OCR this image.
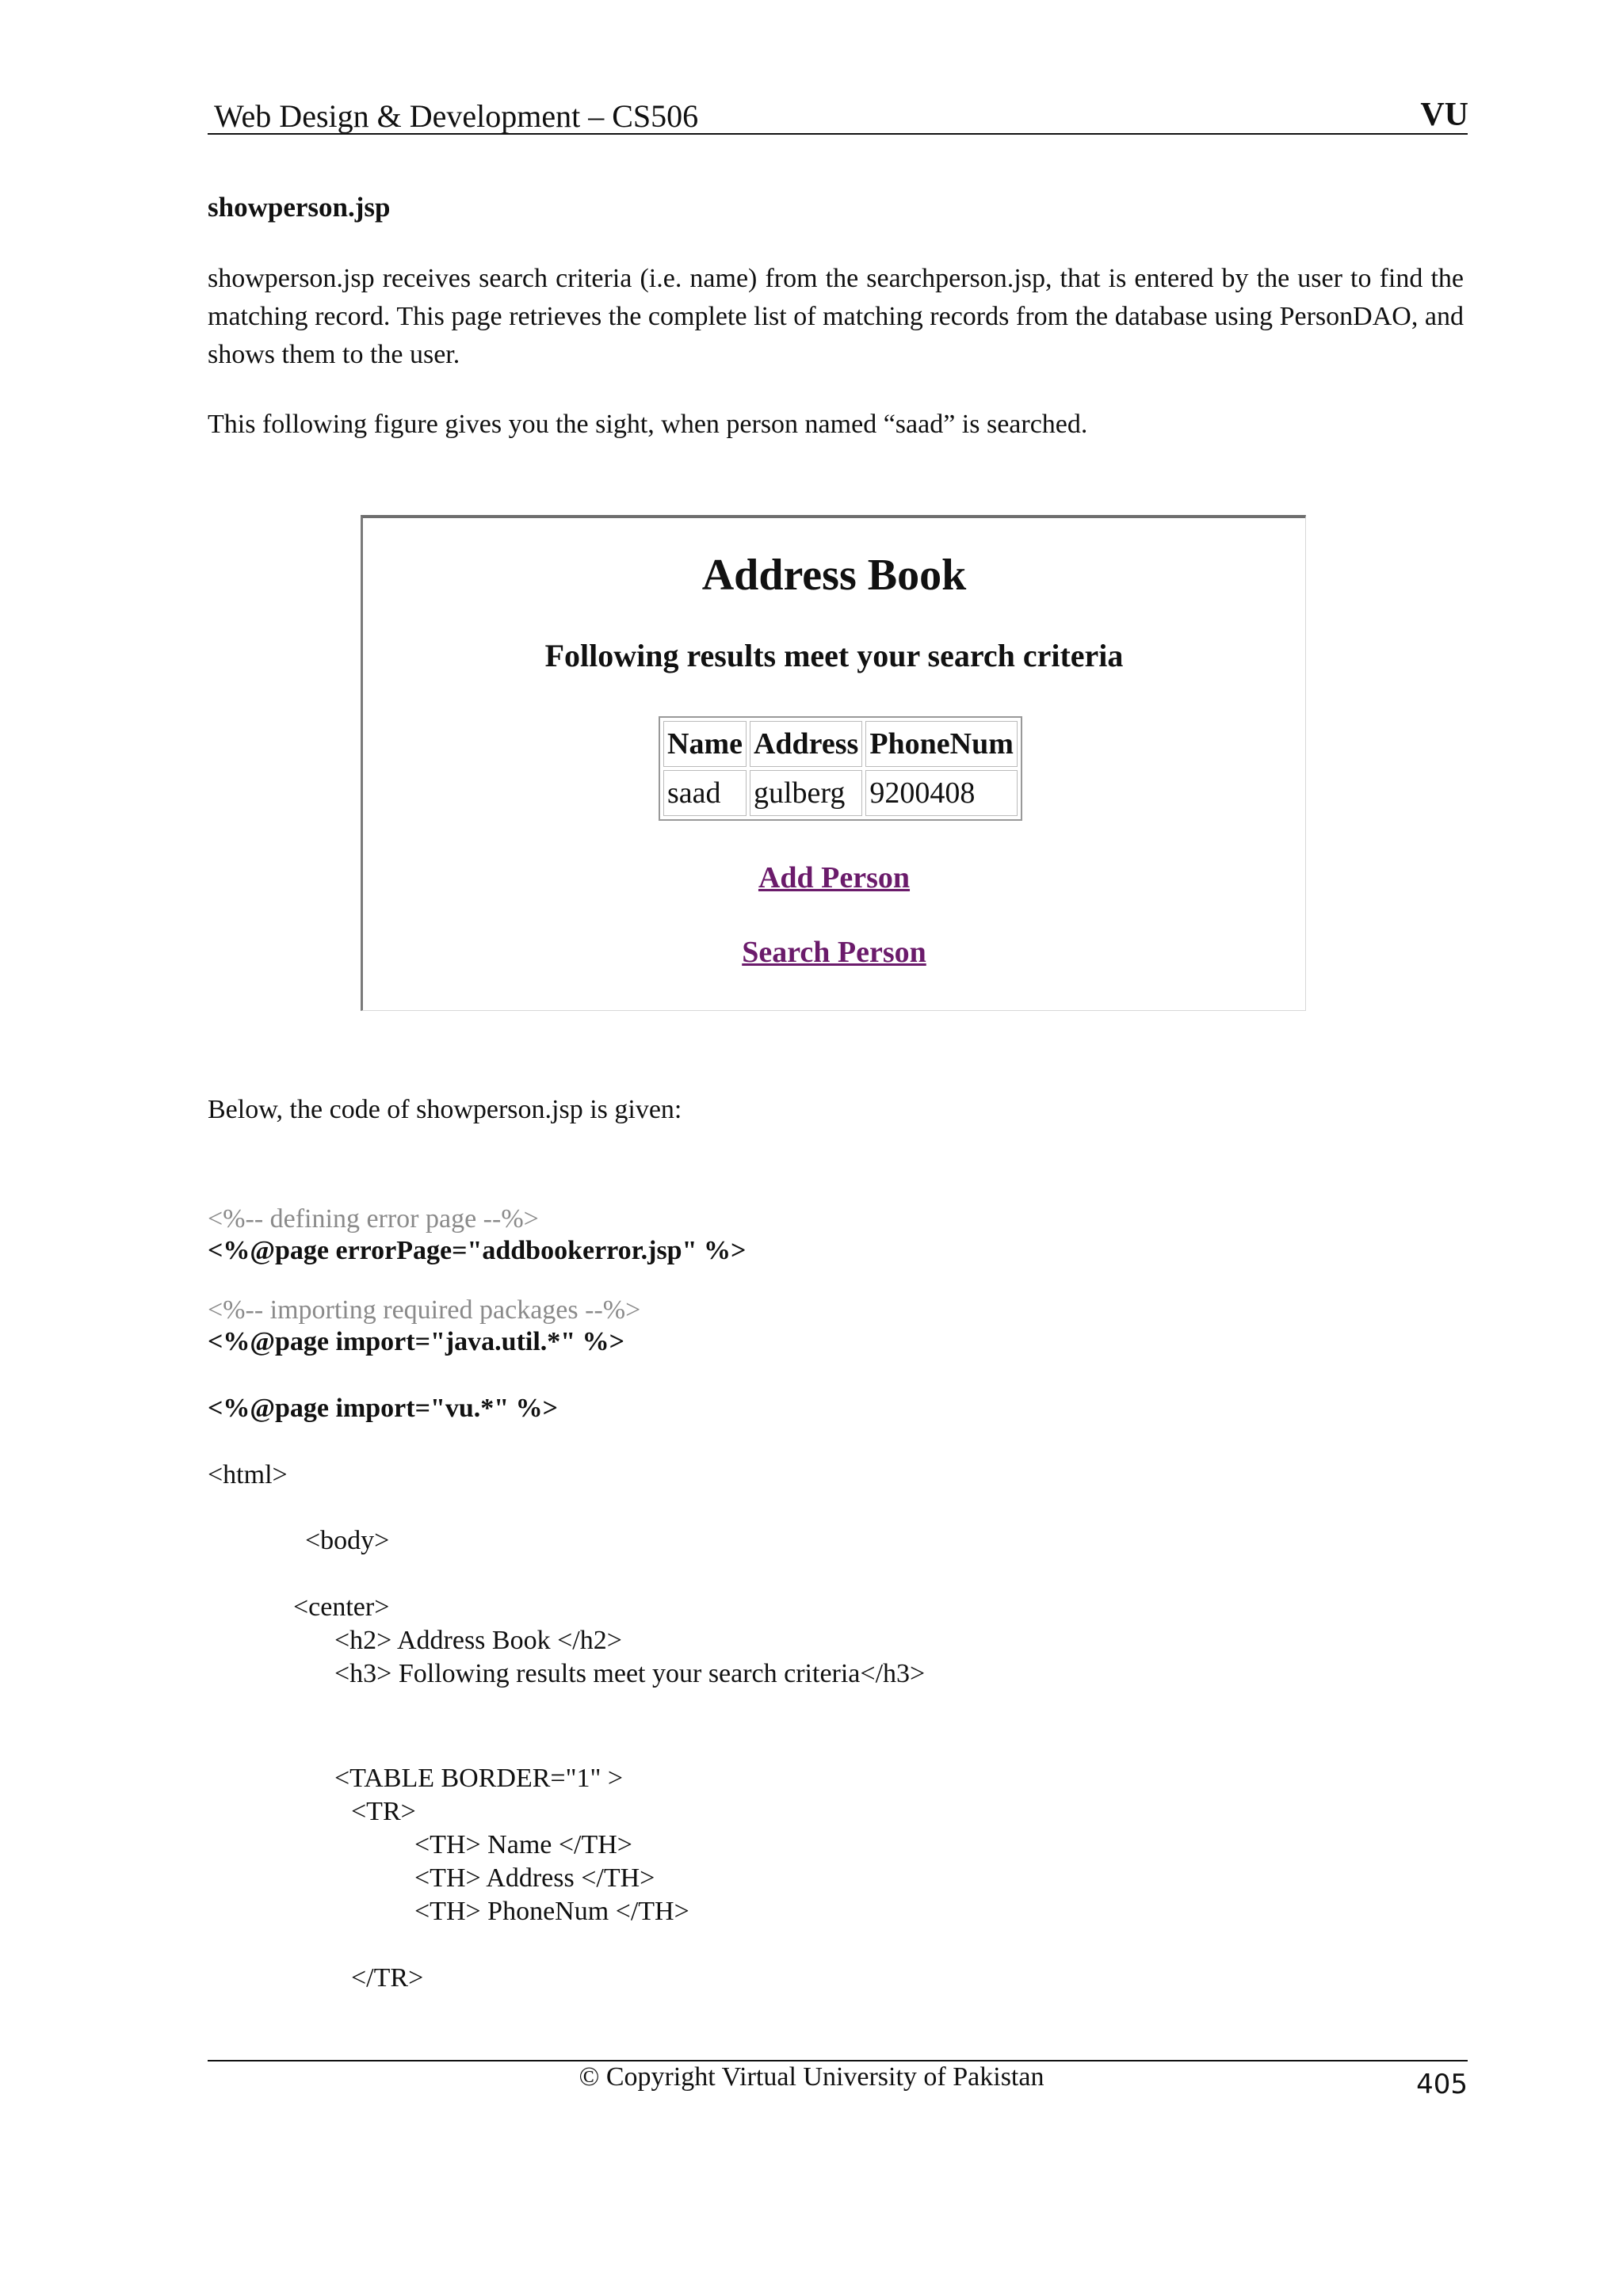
Web Design & Development – CS506	VU
showperson.jsp
showperson.jsp receives search criteria (i.e. name) from the searchperson.jsp, that is entered by the user to find the matching record. This page retrieves the complete list of matching records from the database using PersonDAO, and shows them to the user.
This following figure gives you the sight, when person named “saad” is searched.
Address Book
Following results meet your search criteria
Name	Address	PhoneNum
saad	gulberg	9200408
Add Person
Search Person
Below, the code of showperson.jsp is given:
<%-- defining error page --%>
<%@page errorPage="addbookerror.jsp" %>
<%-- importing required packages --%>
<%@page import="java.util.*" %>
<%@page import="vu.*" %>
<html>
<body>
<center>
<h2> Address Book </h2>
<h3> Following results meet your search criteria</h3>
<TABLE BORDER="1" >
<TR>
<TH> Name </TH>
<TH> Address </TH>
<TH> PhoneNum </TH>
</TR>
© Copyright Virtual University of Pakistan	405
